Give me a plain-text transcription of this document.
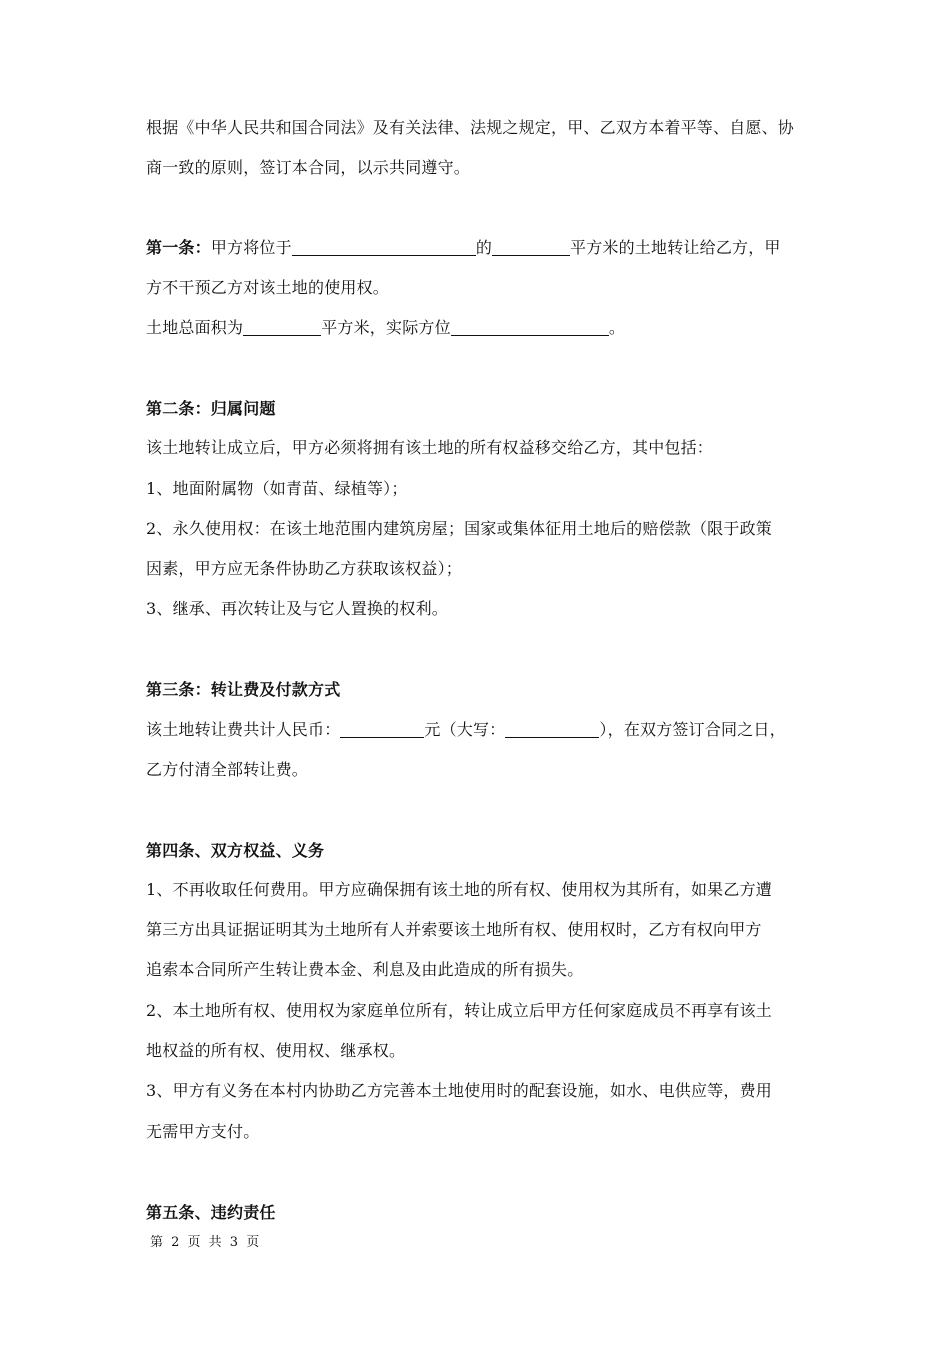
根据《中华人民共和国合同法》及有关法律、法规之规定，甲、乙双方本着平等、自愿、协
商一致的原则，签订本合同，以示共同遵守。
第一条：甲方将位于	的	平方米的土地转让给乙方，甲
方不干预乙方对该土地的使用权。
土地总面积为	平方米，实际方位	。
第二条：归属问题
该土地转让成立后，甲方必须将拥有该土地的所有权益移交给乙方，其中包括：
1、地面附属物（如青苗、绿植等）；
2、永久使用权：在该土地范围内建筑房屋；国家或集体征用土地后的赔偿款（限于政策
因素，甲方应无条件协助乙方获取该权益）；
3、继承、再次转让及与它人置换的权利。
第三条：转让费及付款方式
该土地转让费共计人民币：	元（大写：	），在双方签订合同之日，
乙方付清全部转让费。
第四条、双方权益、义务
1、不再收取任何费用。甲方应确保拥有该土地的所有权、使用权为其所有，如果乙方遭
第三方出具证据证明其为土地所有人并索要该土地所有权、使用权时，乙方有权向甲方
追索本合同所产生转让费本金、利息及由此造成的所有损失。
2、本土地所有权、使用权为家庭单位所有，转让成立后甲方任何家庭成员不再享有该土
地权益的所有权、使用权、继承权。
3、甲方有义务在本村内协助乙方完善本土地使用时的配套设施，如水、电供应等，费用
无需甲方支付。
第五条、违约责任
第 2 页 共 3 页
